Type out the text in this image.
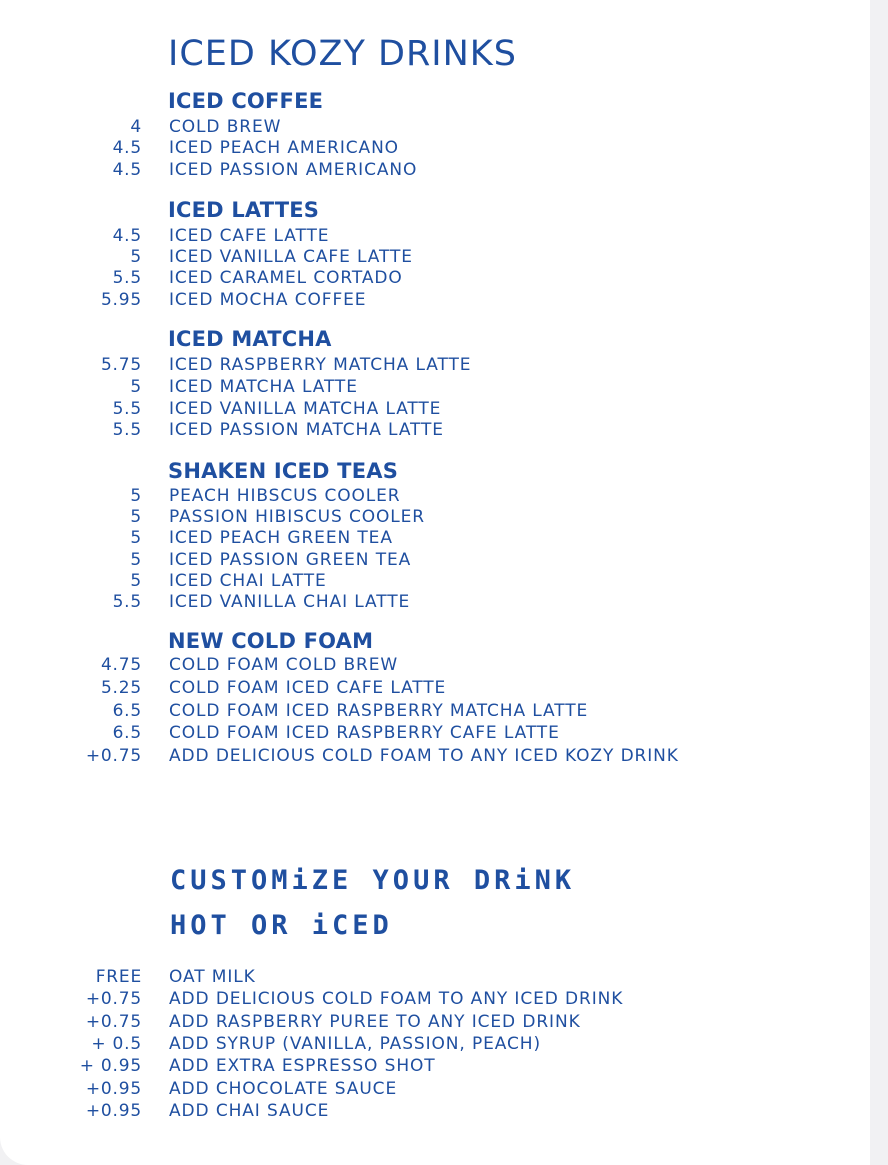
ICED KOZY DRINKS
ICED COFFEE
ICED LATTES
ICED MATCHA
SHAKEN ICED TEAS
NEW COLD FOAM
CUSTOMiZE YOUR DRiNK
HOT OR iCED
FREE OAT MILK
+0.75 ADD DELICIOUS COLD FOAM TO ANY ICED DRINK
+0.75 ADD RASPBERRY PUREE TO ANY ICED DRINK
+ 0.5 ADD SYRUP (VANILLA, PASSION, PEACH)
+ 0.95 ADD EXTRA ESPRESSO SHOT
+0.95 ADD CHOCOLATE SAUCE
+0.95 ADD CHAI SAUCE
4 COLD BREW
4.5 ICED PEACH AMERICANO
4.5 ICED PASSION AMERICANO
4.5 ICED CAFE LATTE
5 ICED VANILLA CAFE LATTE
5.5 ICED CARAMEL CORTADO
5.95 ICED MOCHA COFFEE
5.75 ICED RASPBERRY MATCHA LATTE
5 ICED MATCHA LATTE
5.5 ICED VANILLA MATCHA LATTE
5.5 ICED PASSION MATCHA LATTE
5 PEACH HIBSCUS COOLER
5 PASSION HIBISCUS COOLER
5 ICED PEACH GREEN TEA
5 ICED PASSION GREEN TEA
5 ICED CHAI LATTE
5.5 ICED VANILLA CHAI LATTE
4.75 COLD FOAM COLD BREW
5.25 COLD FOAM ICED CAFE LATTE
6.5 COLD FOAM ICED RASPBERRY MATCHA LATTE
6.5 COLD FOAM ICED RASPBERRY CAFE LATTE
+0.75 ADD DELICIOUS COLD FOAM TO ANY ICED KOZY DRINK
